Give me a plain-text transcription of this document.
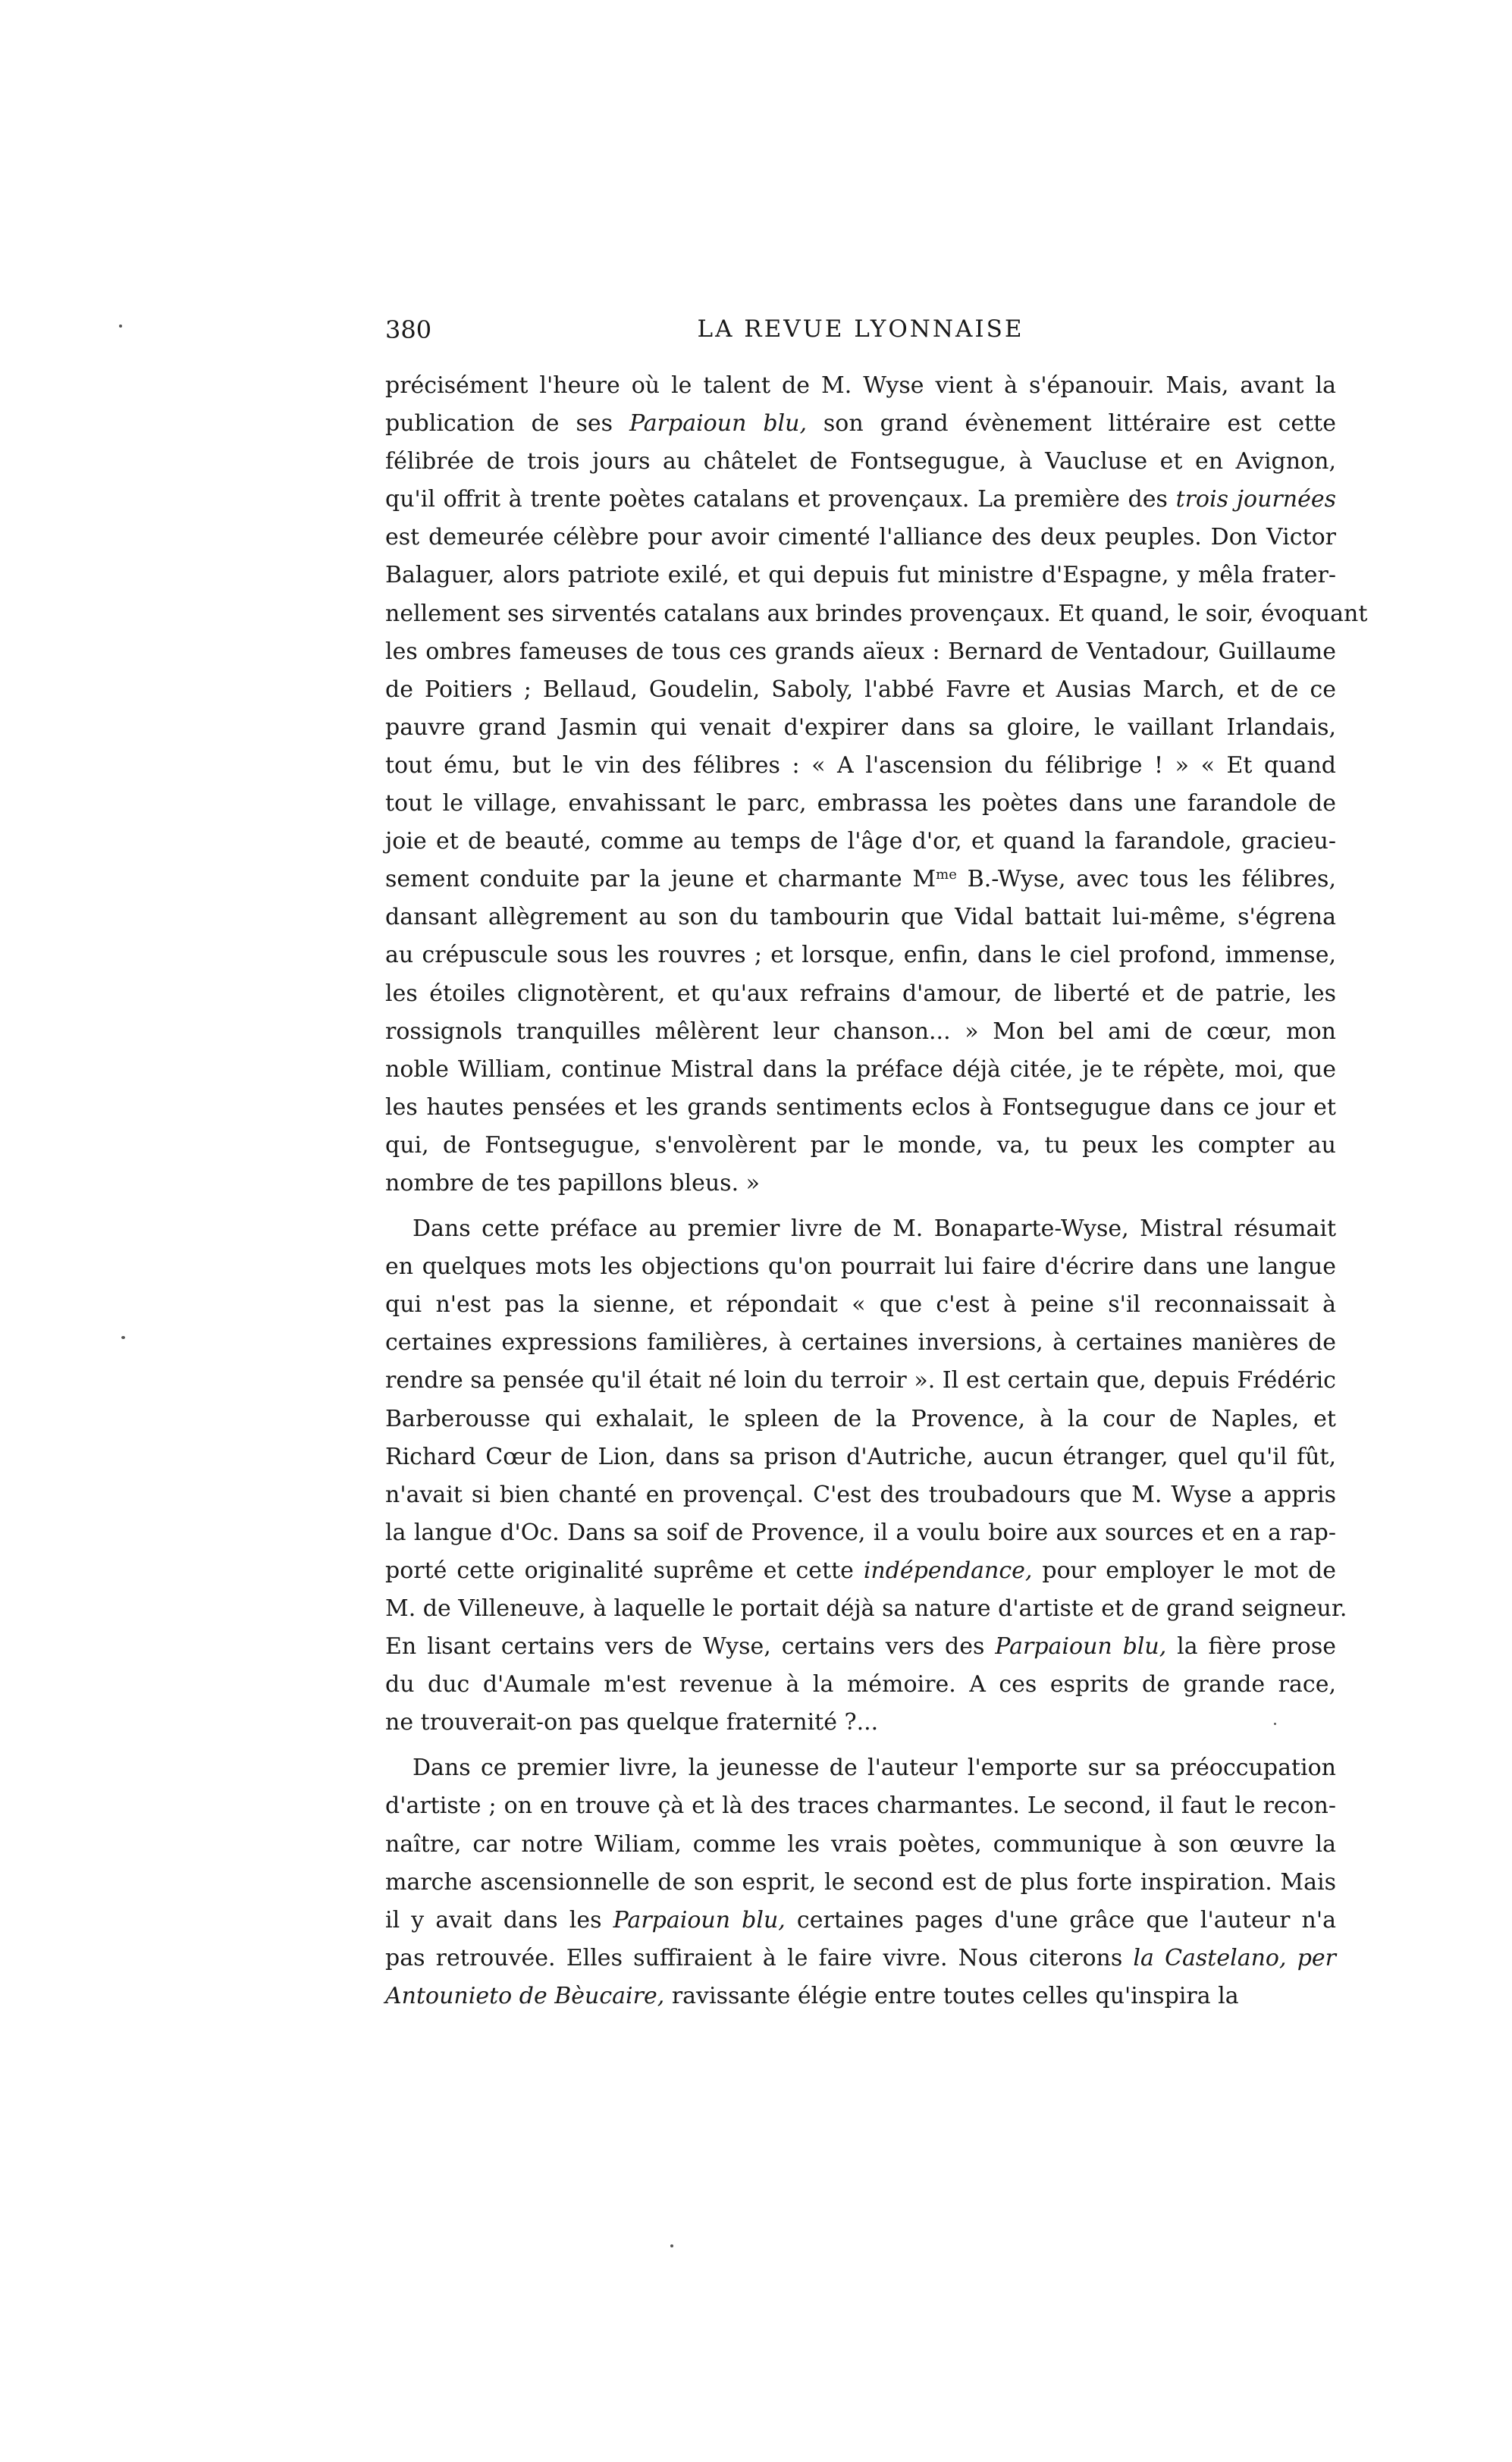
380	LA REVUE LYONNAISE
précisément l'heure où le talent de M. Wyse vient à s'épanouir. Mais, avant la
publication de ses Parpaioun blu, son grand évènement littéraire est cette
félibrée de trois jours au châtelet de Fontsegugue, à Vaucluse et en Avignon,
qu'il offrit à trente poètes catalans et provençaux. La première des trois journées
est demeurée célèbre pour avoir cimenté l'alliance des deux peuples. Don Victor
Balaguer, alors patriote exilé, et qui depuis fut ministre d'Espagne, y mêla frater-
nellement ses sirventés catalans aux brindes provençaux. Et quand, le soir, évoquant
les ombres fameuses de tous ces grands aïeux : Bernard de Ventadour, Guillaume
de Poitiers ; Bellaud, Goudelin, Saboly, l'abbé Favre et Ausias March, et de ce
pauvre grand Jasmin qui venait d'expirer dans sa gloire, le vaillant Irlandais,
tout ému, but le vin des félibres : « A l'ascension du félibrige ! » « Et quand
tout le village, envahissant le parc, embrassa les poètes dans une farandole de
joie et de beauté, comme au temps de l'âge d'or, et quand la farandole, gracieu-
sement conduite par la jeune et charmante $M^{me}$ B.-Wyse, avec tous les félibres,
dansant allègrement au son du tambourin que Vidal battait lui-même, s'égrena
au crépuscule sous les rouvres ; et lorsque, enfin, dans le ciel profond, immense,
les étoiles clignotèrent, et qu'aux refrains d'amour, de liberté et de patrie, les
rossignols tranquilles mêlèrent leur chanson... » Mon bel ami de cœur, mon
noble William, continue Mistral dans la préface déjà citée, je te répète, moi, que
les hautes pensées et les grands sentiments eclos à Fontsegugue dans ce jour et
qui, de Fontsegugue, s'envolèrent par le monde, va, tu peux les compter au
nombre de tes papillons bleus. »
Dans cette préface au premier livre de M. Bonaparte-Wyse, Mistral résumait
en quelques mots les objections qu'on pourrait lui faire d'écrire dans une langue
qui n'est pas la sienne, et répondait « que c'est à peine s'il reconnaissait à
certaines expressions familières, à certaines inversions, à certaines manières de
rendre sa pensée qu'il était né loin du terroir ». Il est certain que, depuis Frédéric
Barberousse qui exhalait, le spleen de la Provence, à la cour de Naples, et
Richard Cœur de Lion, dans sa prison d'Autriche, aucun étranger, quel qu'il fût,
n'avait si bien chanté en provençal. C'est des troubadours que M. Wyse a appris
la langue d'Oc. Dans sa soif de Provence, il a voulu boire aux sources et en a rap-
porté cette originalité suprême et cette indépendance, pour employer le mot de
M. de Villeneuve, à laquelle le portait déjà sa nature d'artiste et de grand seigneur.
En lisant certains vers de Wyse, certains vers des Parpaioun blu, la fière prose
du duc d'Aumale m'est revenue à la mémoire. A ces esprits de grande race,
ne trouverait-on pas quelque fraternité ?...
Dans ce premier livre, la jeunesse de l'auteur l'emporte sur sa préoccupation
d'artiste ; on en trouve çà et là des traces charmantes. Le second, il faut le recon-
naître, car notre Wiliam, comme les vrais poètes, communique à son œuvre la
marche ascensionnelle de son esprit, le second est de plus forte inspiration. Mais
il y avait dans les Parpaioun blu, certaines pages d'une grâce que l'auteur n'a
pas retrouvée. Elles suffiraient à le faire vivre. Nous citerons la Castelano, per
Antounieto de Bèucaire, ravissante élégie entre toutes celles qu'inspira la
